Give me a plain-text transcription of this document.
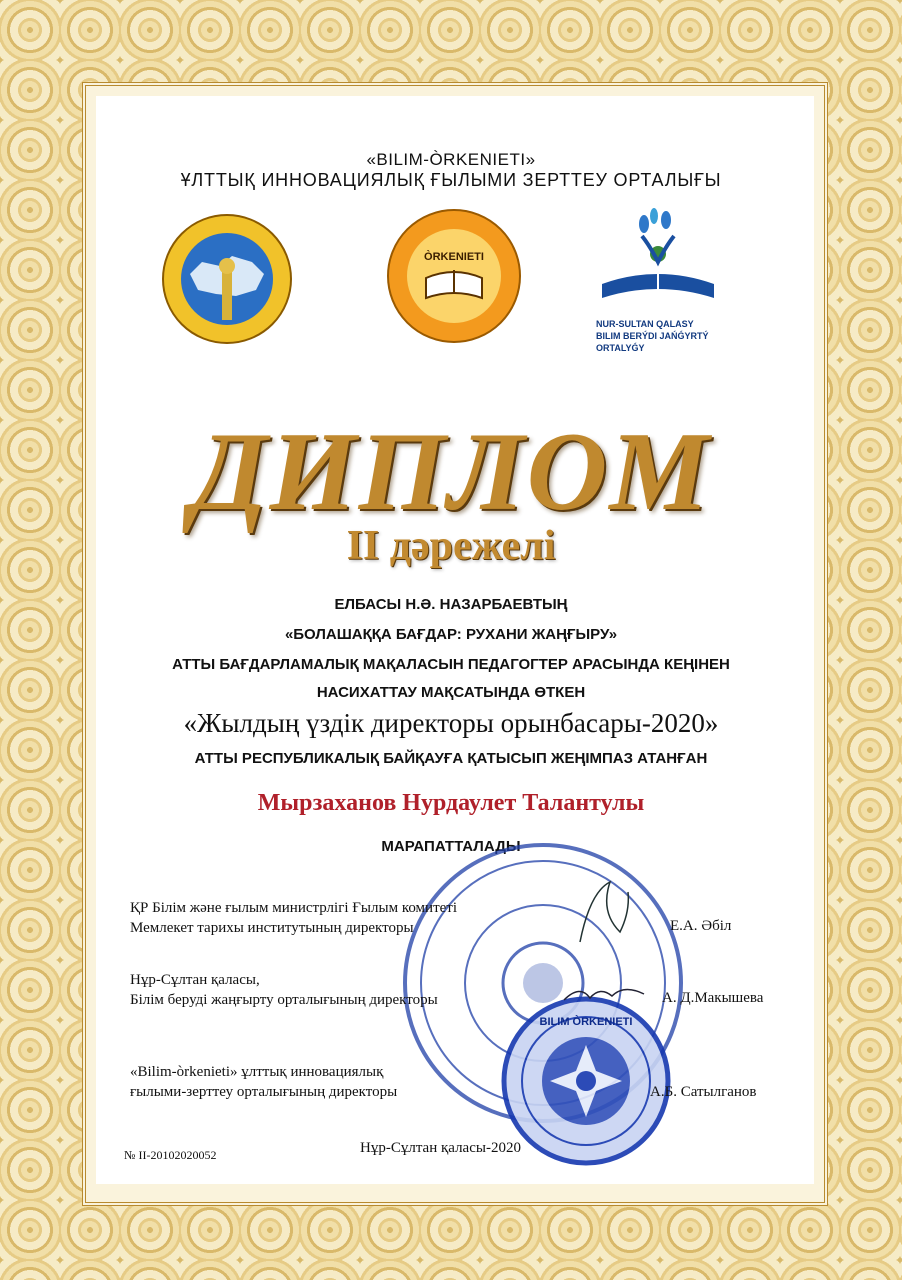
«BILIM-ÒRKENIETI»
ҰЛТТЫҚ ИННОВАЦИЯЛЫҚ ҒЫЛЫМИ ЗЕРТТЕУ ОРТАЛЫҒЫ
ÒRKENIETI
NUR-SULTAN QALASY
BILIM BERÝDI JAŃǴYRTÝ ORTALYǴY
ДИПЛОМ
II дәрежелі
ЕЛБАСЫ Н.Ә. НАЗАРБАЕВТЫҢ
«БОЛАШАҚҚА БАҒДАР: РУХАНИ ЖАҢҒЫРУ»
АТТЫ БАҒДАРЛАМАЛЫҚ МАҚАЛАСЫН ПЕДАГОГТЕР АРАСЫНДА КЕҢІНЕН
НАСИХАТТАУ МАҚСАТЫНДА ӨТКЕН
«Жылдың үздік директоры орынбасары-2020»
АТТЫ РЕСПУБЛИКАЛЫҚ БАЙҚАУҒА ҚАТЫСЫП ЖЕҢІМПАЗ АТАНҒАН
Мырзаханов Нурдаулет Талантулы
МАРАПАТТАЛАДЫ
BILIM ÒRKENIETI
ҚР Білім және ғылым министрлігі Ғылым комитеті
Мемлекет тарихы институтының директоры	Е.А. Әбіл
Нұр-Сұлтан қаласы,
Білім беруді жаңғырту орталығының директоры	А. Д.Макышева
«Bilim-òrkenieti» ұлттық инновациялық
ғылыми-зерттеу орталығының директоры	А.Б. Сатылганов
Нұр-Сұлтан қаласы-2020
№ II-20102020052
